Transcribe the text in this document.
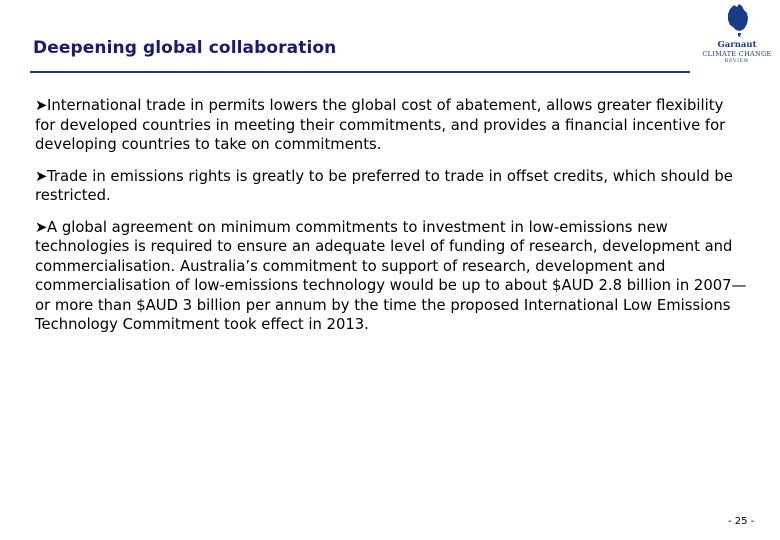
Deepening global collaboration	Garnaut
CLIMATE CHANGE
REVIEW
➤International trade in permits lowers the global cost of abatement, allows greater flexibility for developed countries in meeting their commitments, and provides a financial incentive for developing countries to take on commitments.
➤Trade in emissions rights is greatly to be preferred to trade in offset credits, which should be restricted.
➤A global agreement on minimum commitments to investment in low-emissions new technologies is required to ensure an adequate level of funding of research, development and commercialisation. Australia’s commitment to support of research, development and commercialisation of low-emissions technology would be up to about $AUD 2.8 billion in 2007—or more than $AUD 3 billion per annum by the time the proposed International Low Emissions Technology Commitment took effect in 2013.
- 25 -
